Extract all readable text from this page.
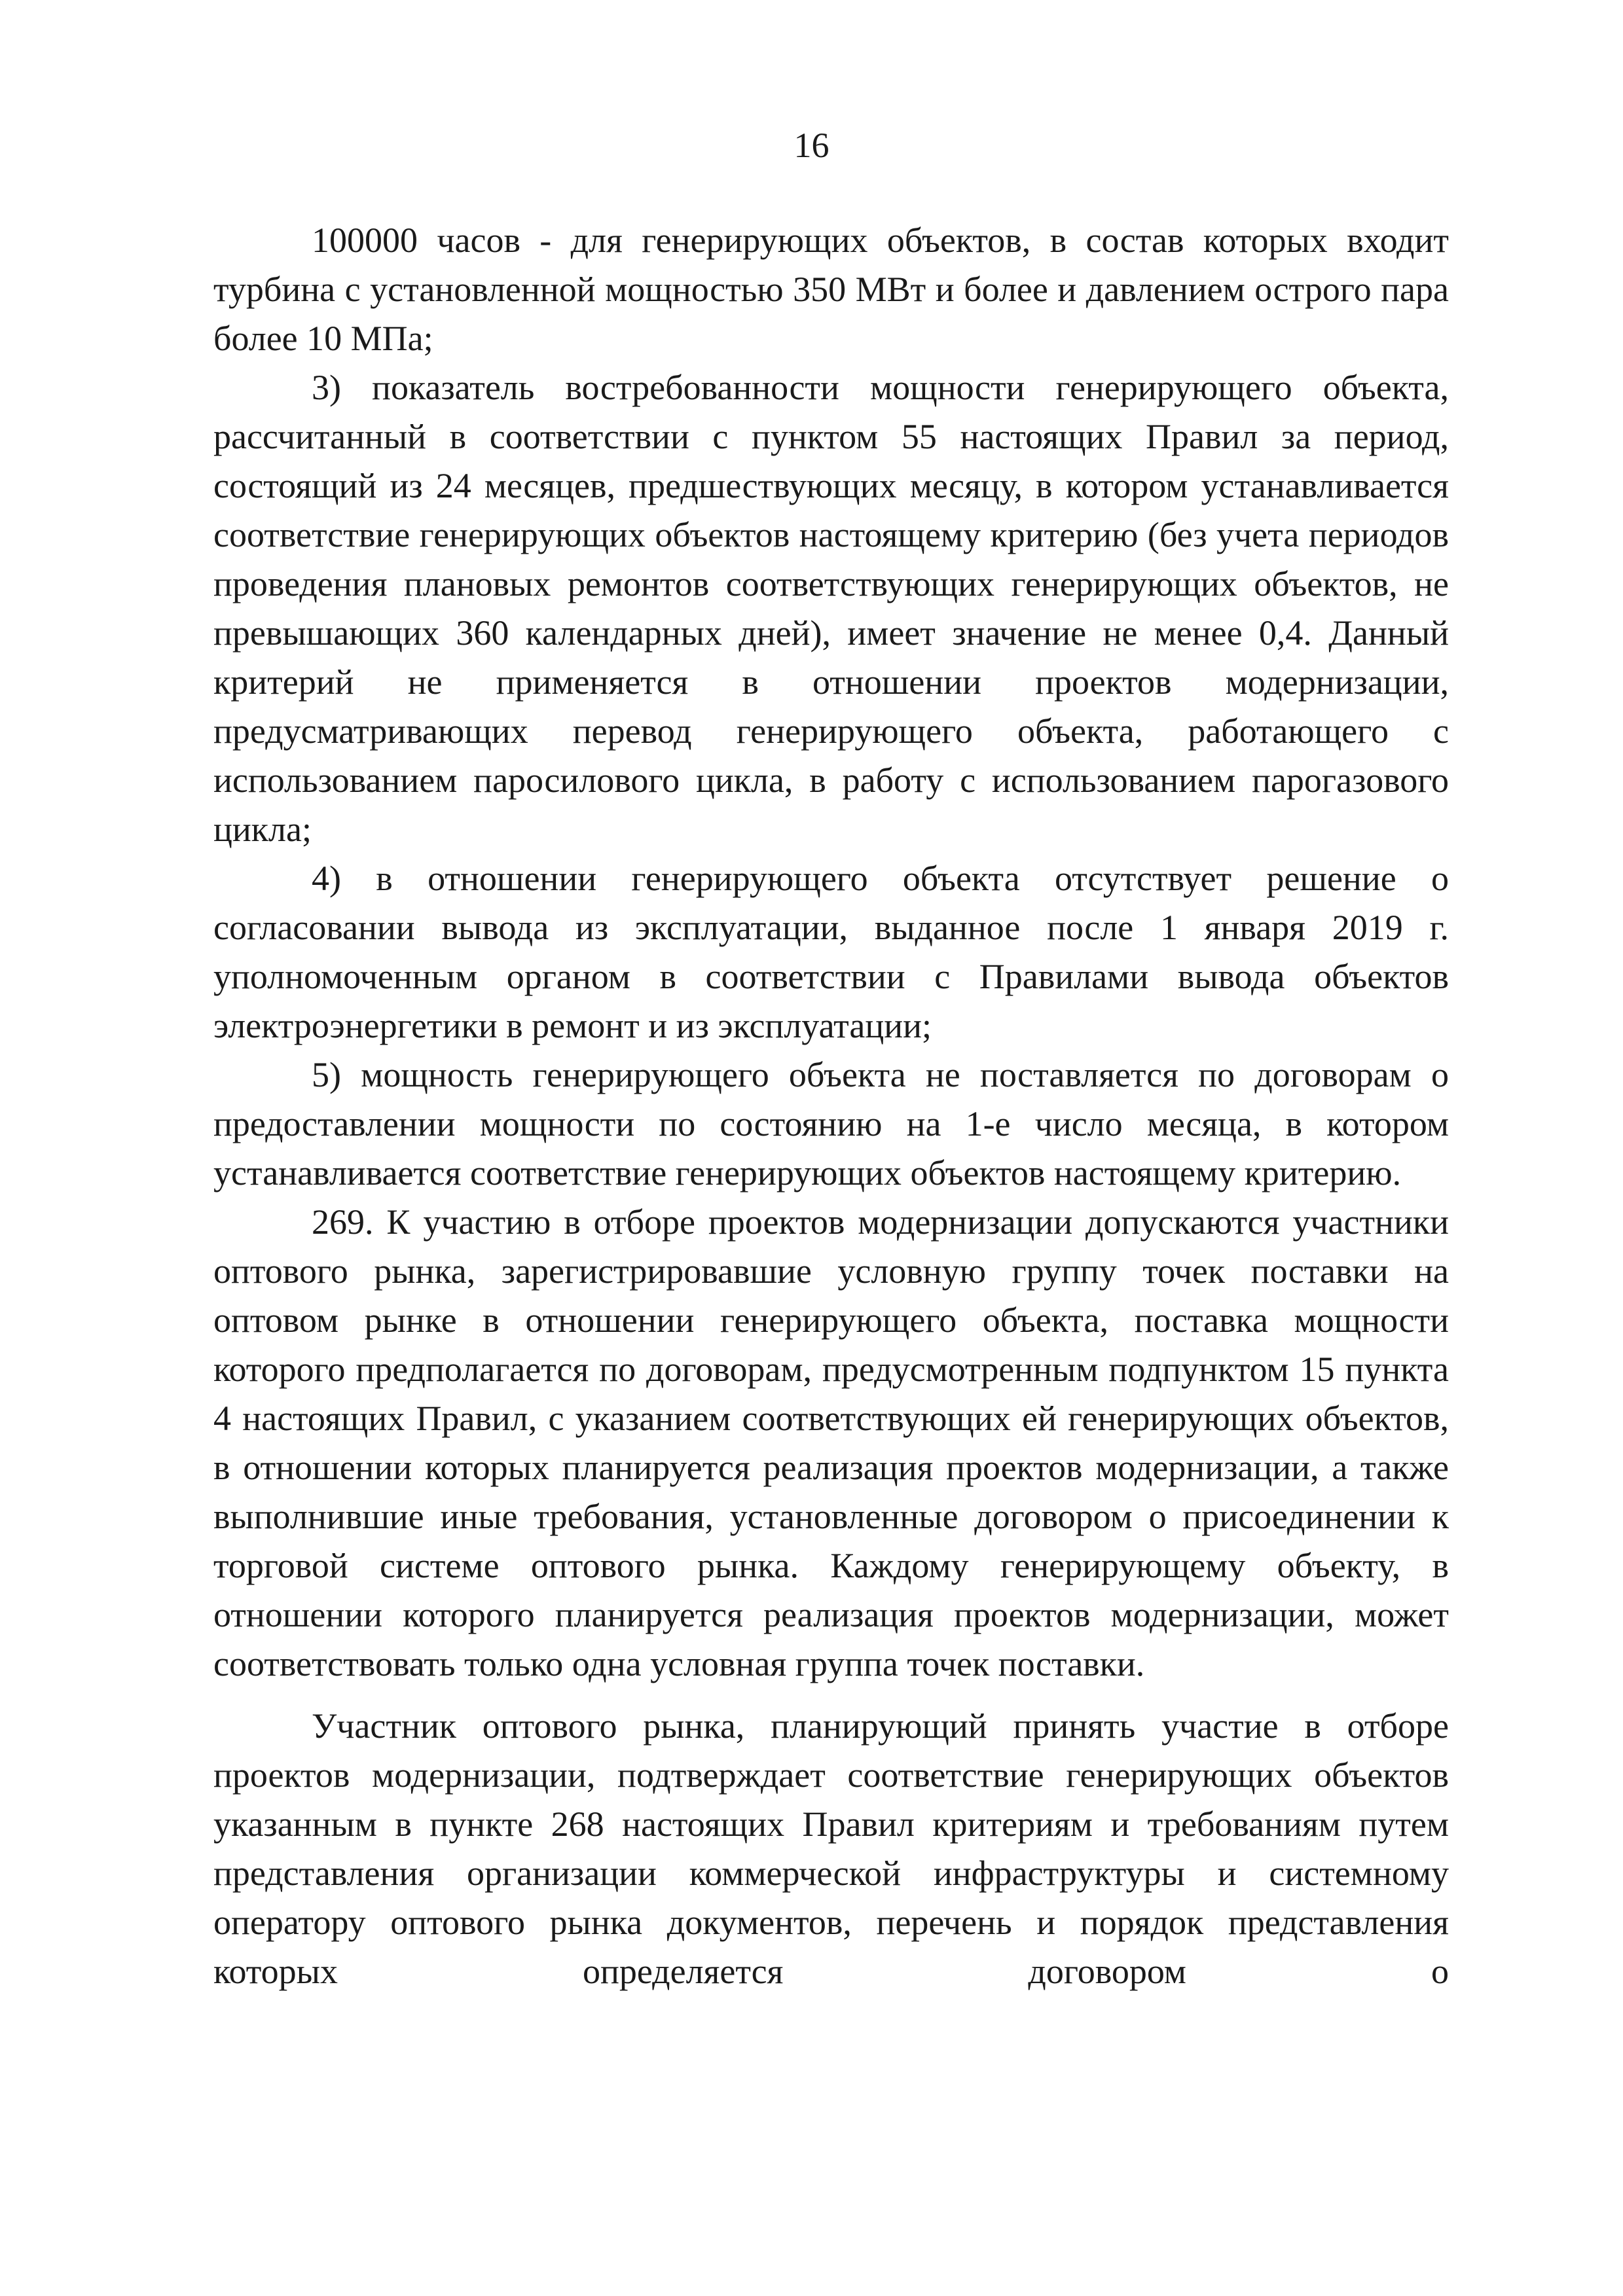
16

100000 часов - для генерирующих объектов, в состав которых входит турбина с установленной мощностью 350 МВт и более и давлением острого пара более 10 МПа;

3) показатель востребованности мощности генерирующего объекта, рассчитанный в соответствии с пунктом 55 настоящих Правил за период, состоящий из 24 месяцев, предшествующих месяцу, в котором устанавливается соответствие генерирующих объектов настоящему критерию (без учета периодов проведения плановых ремонтов соответствующих генерирующих объектов, не превышающих 360 календарных дней), имеет значение не менее 0,4. Данный критерий не применяется в отношении проектов модернизации, предусматривающих перевод генерирующего объекта, работающего с использованием паросилового цикла, в работу с использованием парогазового цикла;

4) в отношении генерирующего объекта отсутствует решение о согласовании вывода из эксплуатации, выданное после 1 января 2019 г. уполномоченным органом в соответствии с Правилами вывода объектов электроэнергетики в ремонт и из эксплуатации;

5) мощность генерирующего объекта не поставляется по договорам о предоставлении мощности по состоянию на 1-е число месяца, в котором устанавливается соответствие генерирующих объектов настоящему критерию.

269. К участию в отборе проектов модернизации допускаются участники оптового рынка, зарегистрировавшие условную группу точек поставки на оптовом рынке в отношении генерирующего объекта, поставка мощности которого предполагается по договорам, предусмотренным подпунктом 15 пункта 4 настоящих Правил, с указанием соответствующих ей генерирующих объектов, в отношении которых планируется реализация проектов модернизации, а также выполнившие иные требования, установленные договором о присоединении к торговой системе оптового рынка. Каждому генерирующему объекту, в отношении которого планируется реализация проектов модернизации, может соответствовать только одна условная группа точек поставки.

Участник оптового рынка, планирующий принять участие в отборе проектов модернизации, подтверждает соответствие генерирующих объектов указанным в пункте 268 настоящих Правил критериям и требованиям путем представления организации коммерческой инфраструктуры и системному оператору оптового рынка документов, перечень и порядок представления которых определяется договором о
